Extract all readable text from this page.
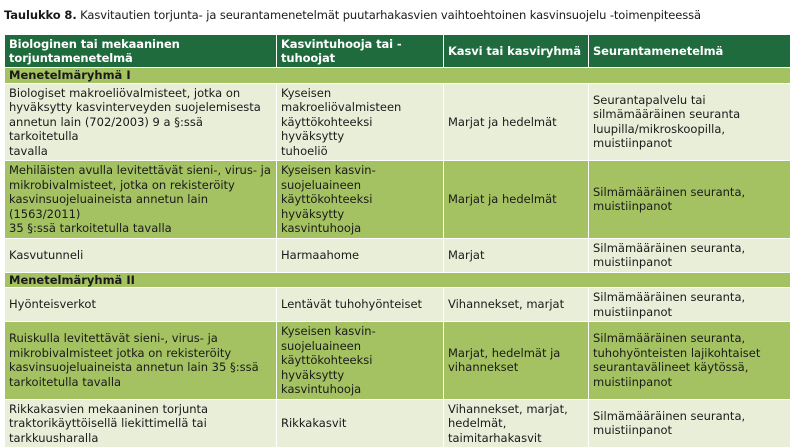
Taulukko 8. Kasvitautien torjunta- ja seurantamenetelmät puutarhakasvien vaihtoehtoinen kasvinsuojelu -toimenpiteessä
Biologinen tai mekaaninen torjuntamenetelmä	Kasvintuhooja tai -tuhoojat	Kasvi tai kasviryhmä	Seurantamenetelmä
Menetelmäryhmä I			

Biologiset makroeliövalmisteet, jotka on
hyväksytty kasvinterveyden suojelemisesta
annetun lain (702/2003) 9 a §:ssä tarkoitetulla
tavalla	Kyseisen
makroeliövalmisteen
käyttökohteeksi hyväksytty
tuhoeliö	Marjat ja hedelmät	Seurantapalvelu tai
silmämääräinen seuranta
luupilla/mikroskoopilla,
muistiinpanot

Mehiläisten avulla levitettävät sieni-, virus- ja
mikrobivalmisteet, jotka on rekisteröity
kasvinsuojeluaineista annetun lain (1563/2011)
35 §:ssä tarkoitetulla tavalla	Kyseisen kasvin-
suojeluaineen
käyttökohteeksi hyväksytty
kasvintuhooja	Marjat ja hedelmät	Silmämääräinen seuranta,
muistiinpanot

Kasvutunneli	Harmaahome	Marjat	Silmämääräinen seuranta,
muistiinpanot

Menetelmäryhmä II			

Hyönteisverkot	Lentävät tuhohyönteiset	Vihannekset, marjat	Silmämääräinen seuranta,
muistiinpanot

Ruiskulla levitettävät sieni-, virus- ja
mikrobivalmisteet jotka on rekisteröity
kasvinsuojeluaineista annetun lain 35 §:ssä
tarkoitetulla tavalla	Kyseisen kasvin-
suojeluaineen
käyttökohteeksi hyväksytty
kasvintuhooja	Marjat, hedelmät ja
vihannekset	Silmämääräinen seuranta,
tuhohyönteisten lajikohtaiset
seurantavälineet käytössä,
muistiinpanot

Rikkakasvien mekaaninen torjunta
traktorikäyttöisellä liekittimellä tai
tarkkuusharalla	Rikkakasvit	Vihannekset, marjat,
hedelmät,
taimitarhakasvit	Silmämääräinen seuranta,
muistiinpanot
